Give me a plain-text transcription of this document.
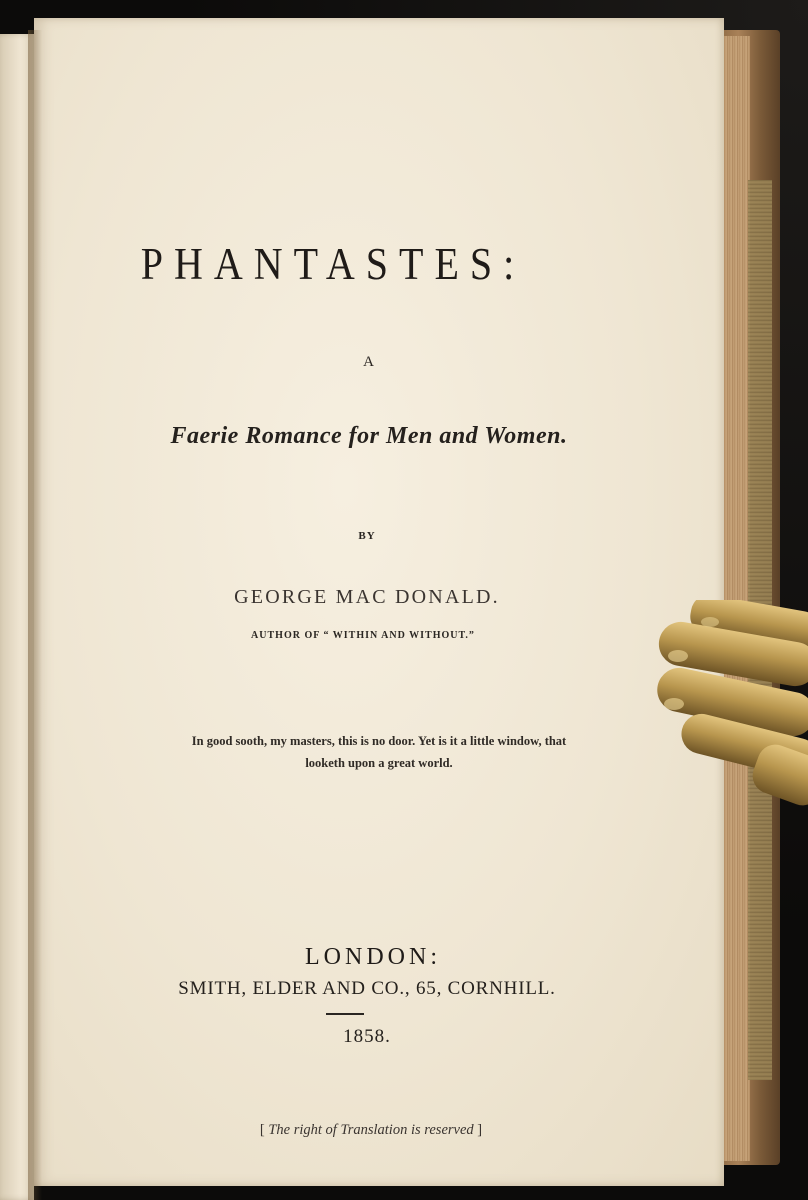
PHANTASTES:
A
Faerie Romance for Men and Women.
BY
GEORGE MAC DONALD.
AUTHOR OF “ WITHIN AND WITHOUT.”
In good sooth, my masters, this is no door. Yet is it a little window, that
looketh upon a great world.
LONDON:
SMITH, ELDER AND CO., 65, CORNHILL.
1858.
[ The right of Translation is reserved ]
